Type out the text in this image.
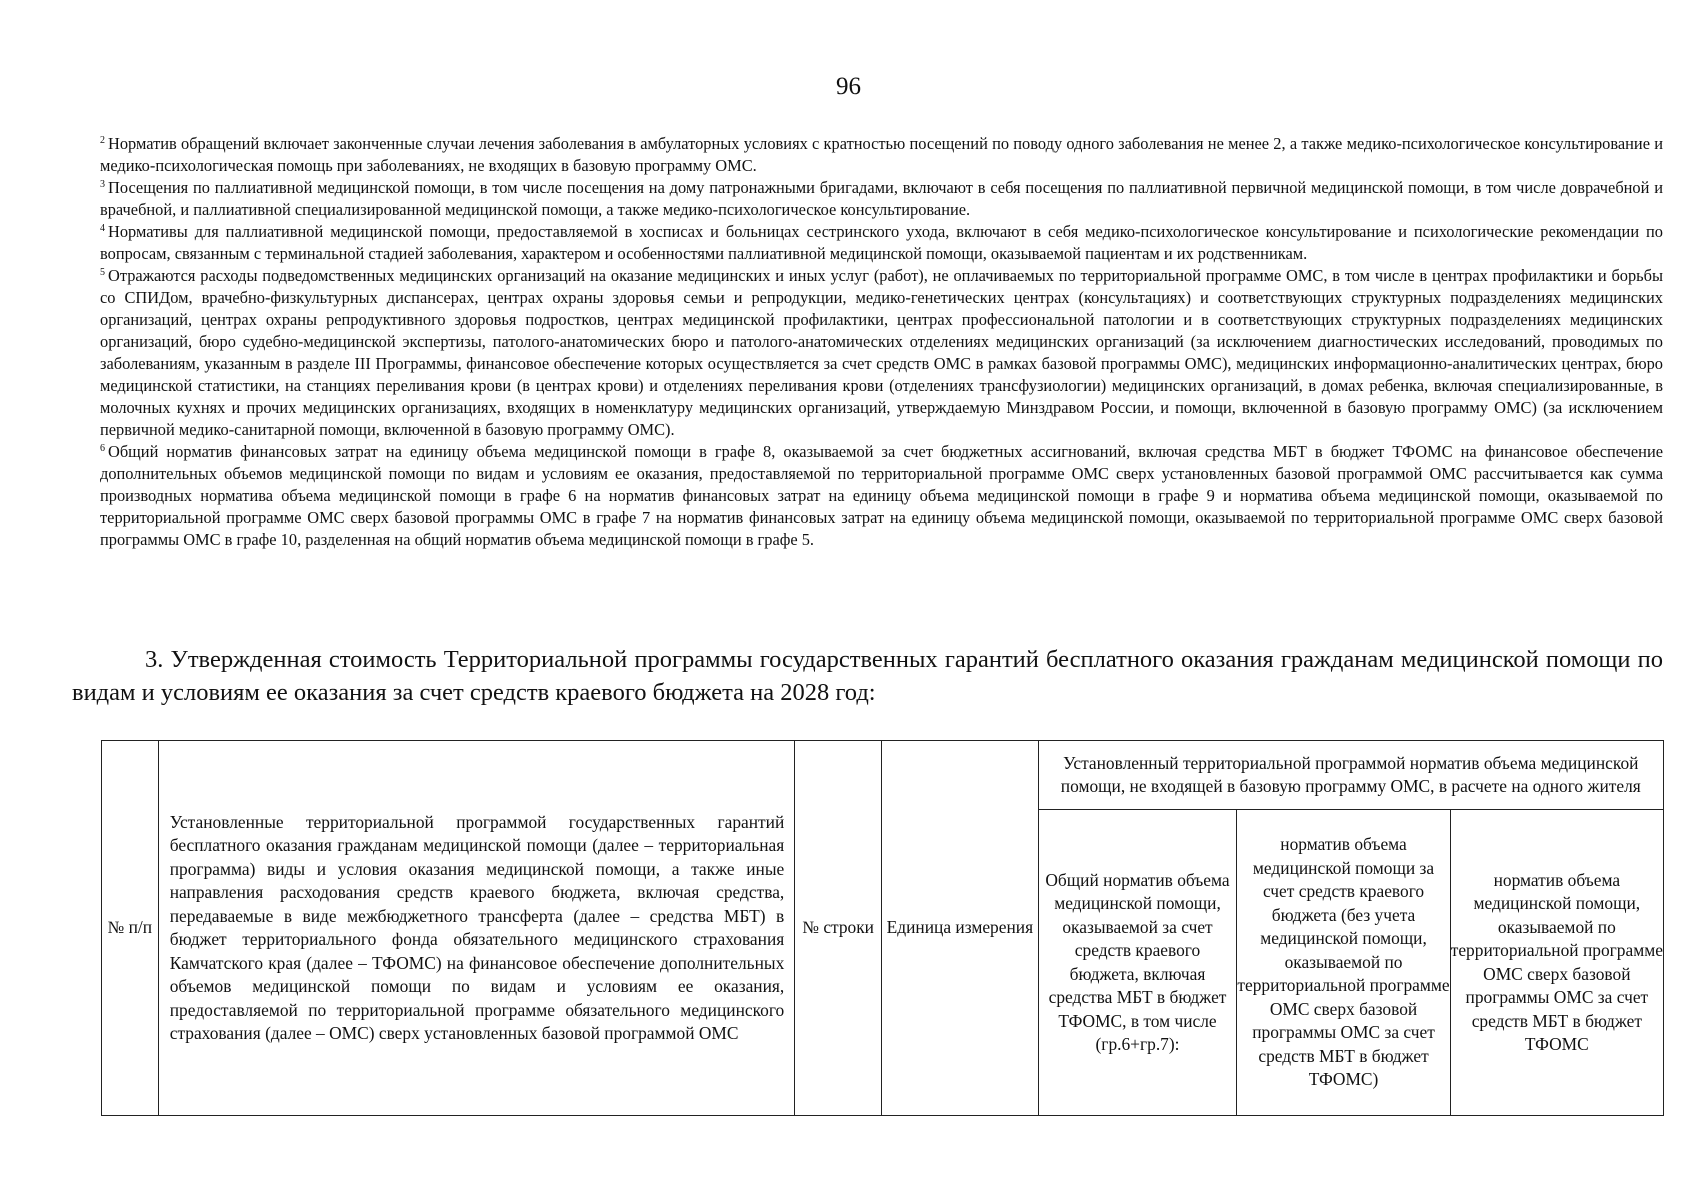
96

$^2$ Норматив обращений включает законченные случаи лечения заболевания в амбулаторных условиях с кратностью посещений по поводу одного заболевания не менее 2, а также медико-психологическое консультирование и медико-психологическая помощь при заболеваниях, не входящих в базовую программу ОМС.

$^3$ Посещения по паллиативной медицинской помощи, в том числе посещения на дому патронажными бригадами, включают в себя посещения по паллиативной первичной медицинской помощи, в том числе доврачебной и врачебной, и паллиативной специализированной медицинской помощи, а также медико-психологическое консультирование.

$^4$ Нормативы для паллиативной медицинской помощи, предоставляемой в хосписах и больницах сестринского ухода, включают в себя медико-психологическое консультирование и психологические рекомендации по вопросам, связанным с терминальной стадией заболевания, характером и особенностями паллиативной медицинской помощи, оказываемой пациентам и их родственникам.

$^5$ Отражаются расходы подведомственных медицинских организаций на оказание медицинских и иных услуг (работ), не оплачиваемых по территориальной программе ОМС, в том числе в центрах профилактики и борьбы со СПИДом, врачебно-физкультурных диспансерах, центрах охраны здоровья семьи и репродукции, медико-генетических центрах (консультациях) и соответствующих структурных подразделениях медицинских организаций, центрах охраны репродуктивного здоровья подростков, центрах медицинской профилактики, центрах профессиональной патологии и в соответствующих структурных подразделениях медицинских организаций, бюро судебно-медицинской экспертизы, патолого-анатомических бюро и патолого-анатомических отделениях медицинских организаций (за исключением диагностических исследований, проводимых по заболеваниям, указанным в разделе III Программы, финансовое обеспечение которых осуществляется за счет средств ОМС в рамках базовой программы ОМС), медицинских информационно-аналитических центрах, бюро медицинской статистики, на станциях переливания крови (в центрах крови) и отделениях переливания крови (отделениях трансфузиологии) медицинских организаций, в домах ребенка, включая специализированные, в молочных кухнях и прочих медицинских организациях, входящих в номенклатуру медицинских организаций, утверждаемую Минздравом России, и помощи, включенной в базовую программу ОМС) (за исключением первичной медико-санитарной помощи, включенной в базовую программу ОМС).

$^6$ Общий норматив финансовых затрат на единицу объема медицинской помощи в графе 8, оказываемой за счет бюджетных ассигнований, включая средства МБТ в бюджет ТФОМС на финансовое обеспечение дополнительных объемов медицинской помощи по видам и условиям ее оказания, предоставляемой по территориальной программе ОМС сверх установленных базовой программой ОМС рассчитывается как сумма производных норматива объема медицинской помощи в графе 6 на норматив финансовых затрат на единицу объема медицинской помощи в графе 9 и норматива объема медицинской помощи, оказываемой по территориальной программе ОМС сверх базовой программы ОМС в графе 7 на норматив финансовых затрат на единицу объема медицинской помощи, оказываемой по территориальной программе ОМС сверх базовой программы ОМС в графе 10, разделенная на общий норматив объема медицинской помощи в графе 5.

3. Утвержденная стоимость Территориальной программы государственных гарантий бесплатного оказания гражданам медицинской помощи по видам и условиям ее оказания за счет средств краевого бюджета на 2028 год:

№ п/п	Установленные территориальной программой государственных гарантий бесплатного оказания гражданам медицинской помощи (далее – территориальная программа) виды и условия оказания медицинской помощи, а также иные направления расходования средств краевого бюджета, включая средства, передаваемые в виде межбюджетного трансферта (далее – средства МБТ) в бюджет территориального фонда обязательного медицинского страхования Камчатского края (далее – ТФОМС) на финансовое обеспечение дополнительных объемов медицинской помощи по видам и условиям ее оказания, предоставляемой по территориальной программе обязательного медицинского страхования (далее – ОМС) сверх установленных базовой программой ОМС	№ строки	Единица измерения	Установленный территориальной программой норматив объема медицинской помощи, не входящей в базовую программу ОМС, в расчете на одного жителя		
				Общий норматив объема медицинской помощи, оказываемой за счет средств краевого бюджета, включая средства МБТ в бюджет ТФОМС, в том числе (гр.6+гр.7):	норматив объема медицинской помощи за счет средств краевого бюджета (без учета медицинской помощи, оказываемой по территориальной программе ОМС сверх базовой программы ОМС за счет средств МБТ в бюджет ТФОМС)	норматив объема медицинской помощи, оказываемой по территориальной программе ОМС сверх базовой программы ОМС за счет средств МБТ в бюджет ТФОМС
